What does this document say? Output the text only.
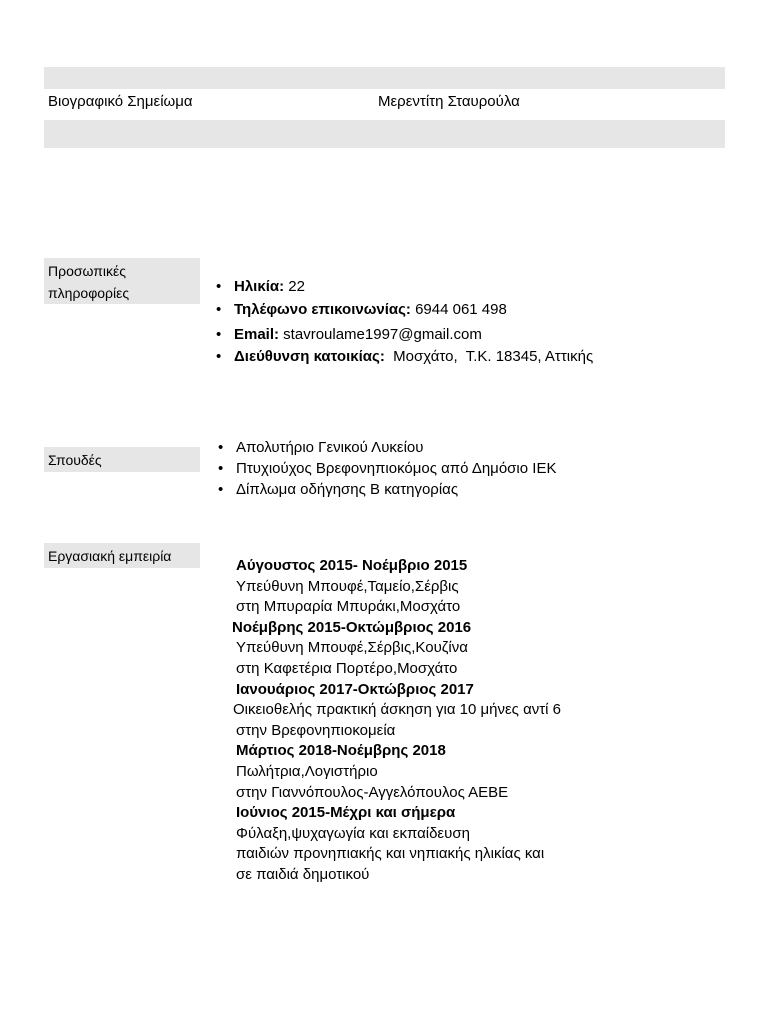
Βιογραφικό Σημείωμα	Μερεντίτη Σταυρούλα
Προσωπικές πληροφορίες
•	Ηλικία: 22
• Τηλέφωνο επικοινωνίας: 6944 061 498
• Email: stavroulame1997@gmail.com
• Διεύθυνση κατοικίας:  Μοσχάτο,  Τ.Κ. 18345, Αττικής
Σπουδές
• Απολυτήριο Γενικού Λυκείου
• Πτυχιούχος Βρεφονηπιοκόμος από Δημόσιο ΙΕΚ
• Δίπλωμα οδήγησης Β κατηγορίας
Εργασιακή εμπειρία
Αύγουστος 2015- Νοέμβριο 2015
Υπεύθυνη Μπουφέ,Ταμείο,Σέρβις
στη Μπυραρία Μπυράκι,Μοσχάτο
Νοέμβρης 2015-Οκτώμβριος 2016
Υπεύθυνη Μπουφέ,Σέρβις,Κουζίνα
στη Καφετέρια Πορτέρο,Μοσχάτο
Ιανουάριος 2017-Οκτώβριος 2017
Οικειοθελής πρακτική άσκηση για 10 μήνες αντί 6
στην Βρεφονηπιοκομεία
Μάρτιος 2018-Νοέμβρης 2018
Πωλήτρια,Λογιστήριο
στην Γιαννόπουλος-Αγγελόπουλος ΑΕΒΕ
Ιούνιος 2015-Μέχρι και σήμερα
Φύλαξη,ψυχαγωγία και εκπαίδευση
παιδιών προνηπιακής και νηπιακής ηλικίας και
σε παιδιά δημοτικού
